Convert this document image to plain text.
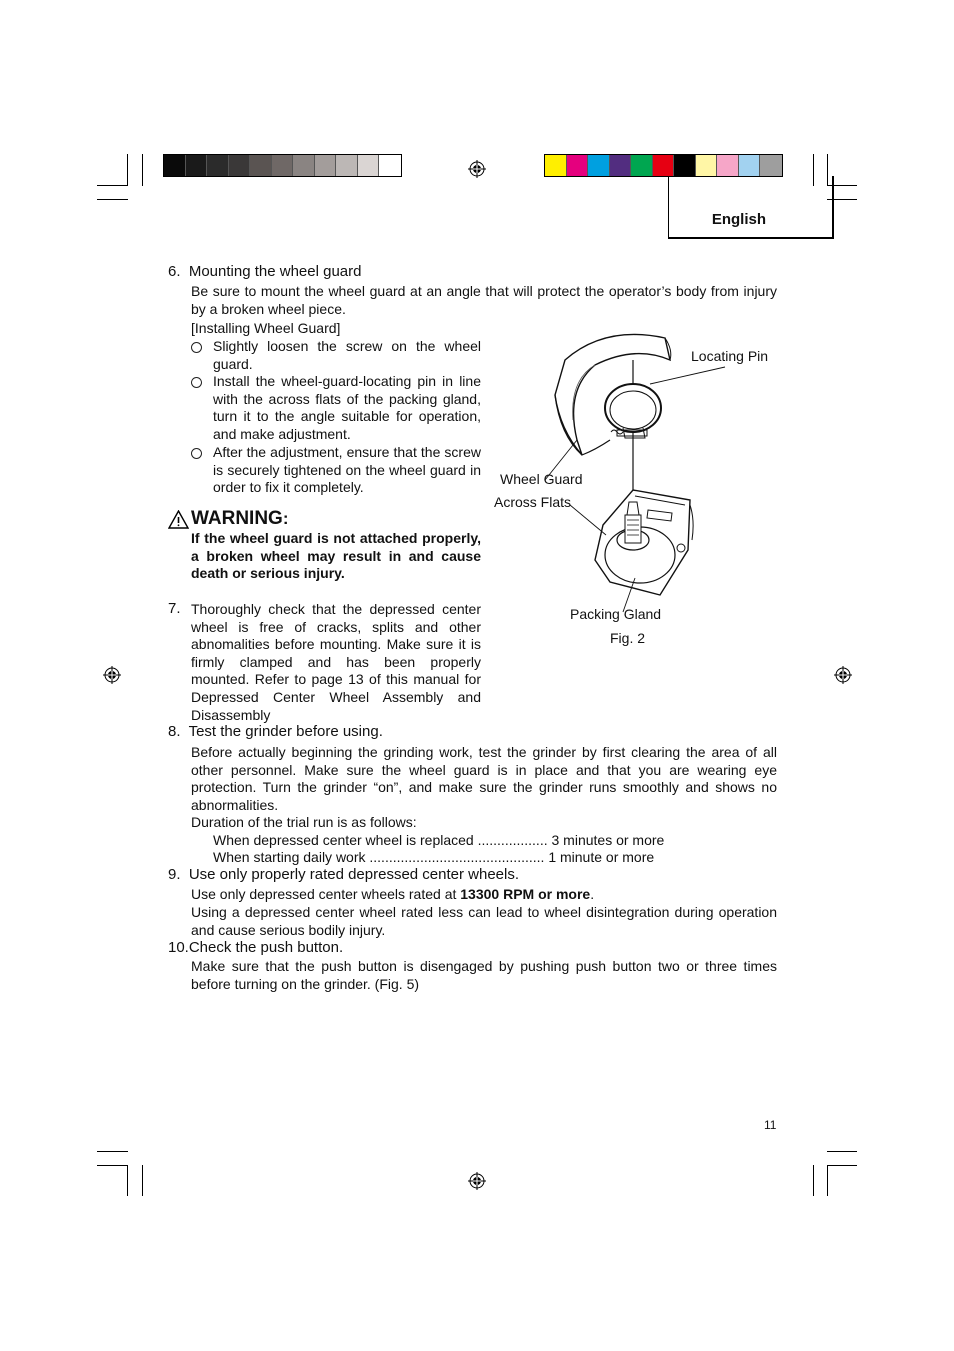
English
6.  Mounting the wheel guard
Be sure to mount the wheel guard at an angle that will protect the operator’s body from injury by a broken wheel piece.
[Installing Wheel Guard]
Slightly loosen the screw on the wheel guard.
Install the wheel-guard-locating pin in line with the across flats of the packing gland, turn it to the angle suitable for operation, and make adjustment.
After the adjustment, ensure that the screw is securely tightened on the wheel guard in order to fix it completely.
WARNING :
If the wheel guard is not attached properly, a broken wheel may result in and cause death or serious injury.
7. Thoroughly check that the depressed center wheel is free of cracks, splits and other abnomalities before mounting. Make sure it is firmly clamped and has been properly mounted. Refer to page 13 of this manual for Depressed Center Wheel Assembly and Disassembly
Locating Pin
Wheel Guard
Across Flats
Packing Gland
Fig. 2
8.  Test the grinder before using.
Before actually beginning the grinding work, test the grinder by first clearing the area of all other personnel. Make sure the wheel guard is in place and that you are wearing eye protection. Turn the grinder “on”, and make sure the grinder runs smoothly and shows no abnormalities.
Duration of the trial run is as follows:
When depressed center wheel is replaced .................. 3 minutes or more
When starting daily work ............................................. 1 minute or more
9.  Use only properly rated depressed center wheels.
Use only depressed center wheels rated at 13300 RPM or more.
Using a depressed center wheel rated less can lead to wheel disintegration during operation and cause serious bodily injury.
10.Check the push button.
Make sure that the push button is disengaged by pushing push button two or three times before turning on the grinder. (Fig. 5)
11
